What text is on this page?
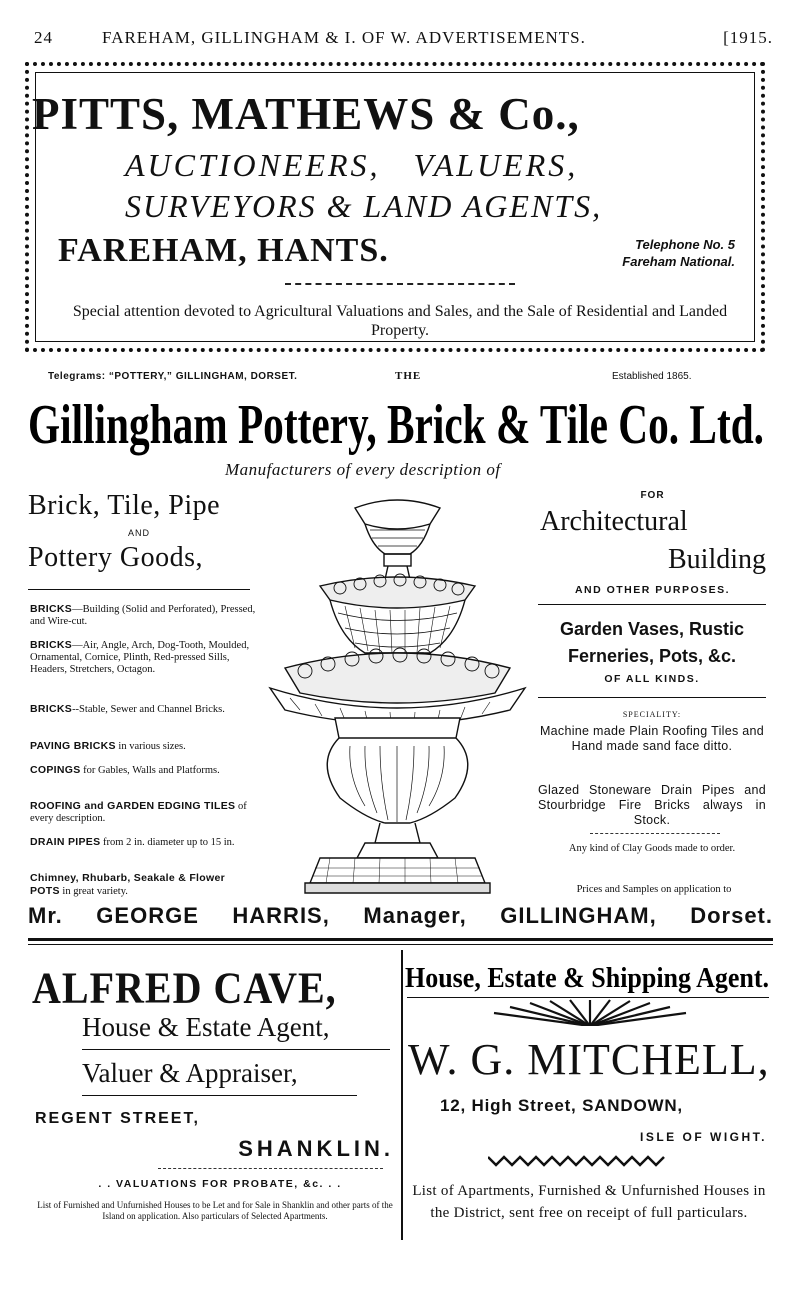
24	FAREHAM, GILLINGHAM & I. OF W. ADVERTISEMENTS.	[1915.
PITTS, MATHEWS & Co.,
AUCTIONEERS,   VALUERS,
SURVEYORS & LAND AGENTS,
FAREHAM, HANTS.	Telephone No. 5
Fareham National.
Special attention devoted to Agricultural Valuations and Sales, and the Sale of Residential and Landed Property.
Telegrams: “POTTERY,” GILLINGHAM, DORSET.	THE	Established 1865.
Gillingham Pottery, Brick & Tile Co. Ltd.
Manufacturers of every description of
Brick, Tile, Pipe
AND
Pottery Goods,
BRICKS—Building (Solid and Perforated), Pressed, and Wire-cut.
BRICKS—Air, Angle, Arch, Dog-Tooth, Moulded, Ornamental, Cornice, Plinth, Red-pressed Sills, Headers, Stretchers, Octagon.
BRICKS--Stable, Sewer and Channel Bricks.
PAVING BRICKS in various sizes.
COPINGS for Gables, Walls and Platforms.
ROOFING and GARDEN EDGING TILES of every description.
DRAIN PIPES from 2 in. diameter up to 15 in.
Chimney, Rhubarb, Seakale & Flower POTS in great variety.
FOR
Architectural
Building
AND OTHER PURPOSES.
Garden Vases, Rustic Ferneries, Pots, &c.
OF ALL KINDS.
SPECIALITY:
Machine made Plain Roofing Tiles and Hand made sand face ditto.
Glazed Stoneware Drain Pipes and Stourbridge Fire Bricks always in Stock.
Any kind of Clay Goods made to order.
Prices and Samples on application to
Mr. GEORGE HARRIS, Manager, GILLINGHAM, Dorset.
ALFRED CAVE,
House & Estate Agent,
Valuer & Appraiser,
REGENT STREET,
SHANKLIN.
. . VALUATIONS FOR PROBATE, &c. . .
List of Furnished and Unfurnished Houses to be Let and for Sale in Shanklin and other parts of the Island on application. Also particulars of Selected Apartments.
House, Estate & Shipping Agent.
W. G. MITCHELL,
12, High Street, SANDOWN,
ISLE OF WIGHT.
List of Apartments, Furnished & Unfurnished Houses in the District, sent free on receipt of full particulars.
